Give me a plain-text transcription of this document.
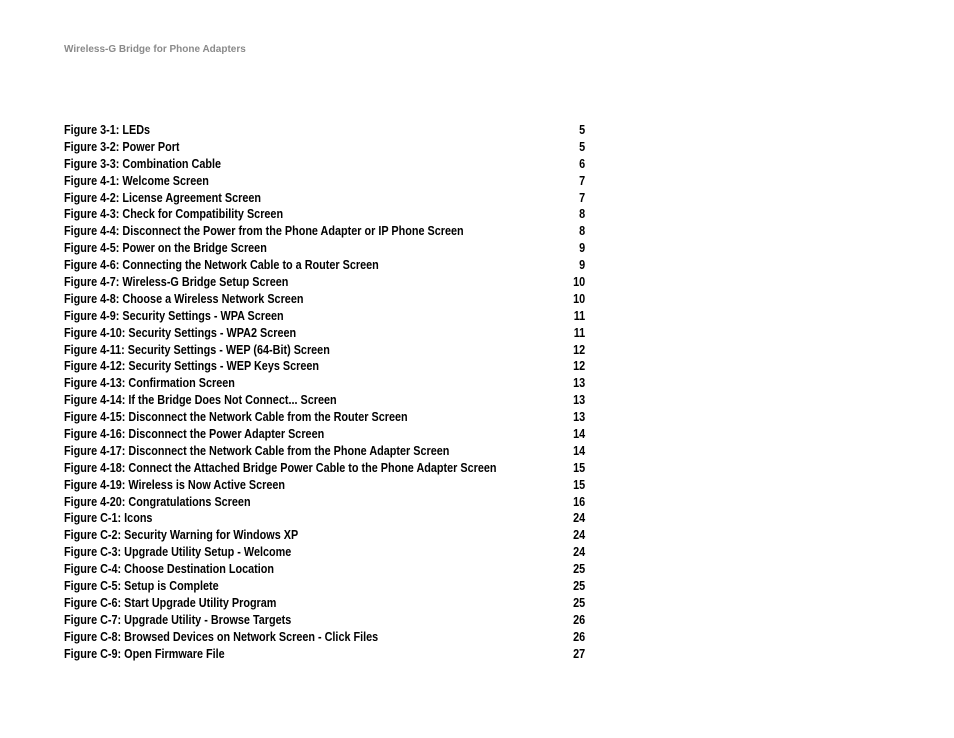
Wireless-G Bridge for Phone Adapters
Figure 3-1: LEDs	5
Figure 3-2: Power Port	5
Figure 3-3: Combination Cable	6
Figure 4-1: Welcome Screen	7
Figure 4-2: License Agreement Screen	7
Figure 4-3: Check for Compatibility Screen	8
Figure 4-4: Disconnect the Power from the Phone Adapter or IP Phone Screen	8
Figure 4-5: Power on the Bridge Screen	9
Figure 4-6: Connecting the Network Cable to a Router Screen	9
Figure 4-7: Wireless-G Bridge Setup Screen	10
Figure 4-8: Choose a Wireless Network Screen	10
Figure 4-9: Security Settings - WPA Screen	11
Figure 4-10: Security Settings - WPA2 Screen	11
Figure 4-11: Security Settings - WEP (64-Bit) Screen	12
Figure 4-12: Security Settings - WEP Keys Screen	12
Figure 4-13: Confirmation Screen	13
Figure 4-14: If the Bridge Does Not Connect... Screen	13
Figure 4-15: Disconnect the Network Cable from the Router Screen	13
Figure 4-16: Disconnect the Power Adapter Screen	14
Figure 4-17: Disconnect the Network Cable from the Phone Adapter Screen	14
Figure 4-18: Connect the Attached Bridge Power Cable to the Phone Adapter Screen	15
Figure 4-19: Wireless is Now Active Screen	15
Figure 4-20: Congratulations Screen	16
Figure C-1: Icons	24
Figure C-2: Security Warning for Windows XP	24
Figure C-3: Upgrade Utility Setup - Welcome	24
Figure C-4: Choose Destination Location	25
Figure C-5: Setup is Complete	25
Figure C-6: Start Upgrade Utility Program	25
Figure C-7: Upgrade Utility - Browse Targets	26
Figure C-8: Browsed Devices on Network Screen - Click Files	26
Figure C-9: Open Firmware File	27
